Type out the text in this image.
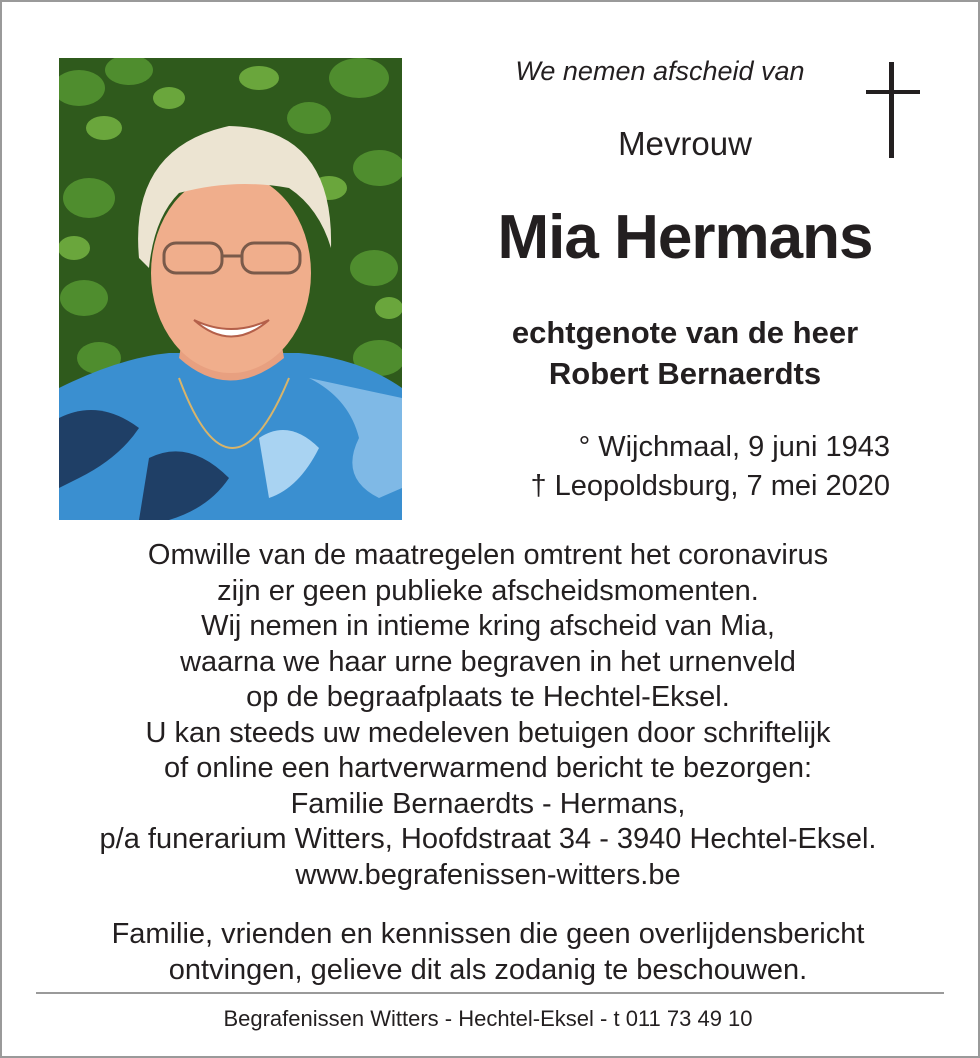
We nemen afscheid van
Mevrouw
Mia Hermans
echtgenote van de heer
Robert Bernaerdts
° Wijchmaal, 9 juni 1943
† Leopoldsburg, 7 mei 2020
Omwille van de maatregelen omtrent het coronavirus
zijn er geen publieke afscheidsmomenten.
Wij nemen in intieme kring afscheid van Mia,
waarna we haar urne begraven in het urnenveld
op de begraafplaats te Hechtel-Eksel.
U kan steeds uw medeleven betuigen door schriftelijk
of online een hartverwarmend bericht te bezorgen:
Familie Bernaerdts - Hermans,
p/a funerarium Witters, Hoofdstraat 34 - 3940 Hechtel-Eksel.
www.begrafenissen-witters.be
Familie, vrienden en kennissen die geen overlijdensbericht
ontvingen, gelieve dit als zodanig te beschouwen.
Begrafenissen Witters - Hechtel-Eksel - t 011 73 49 10
